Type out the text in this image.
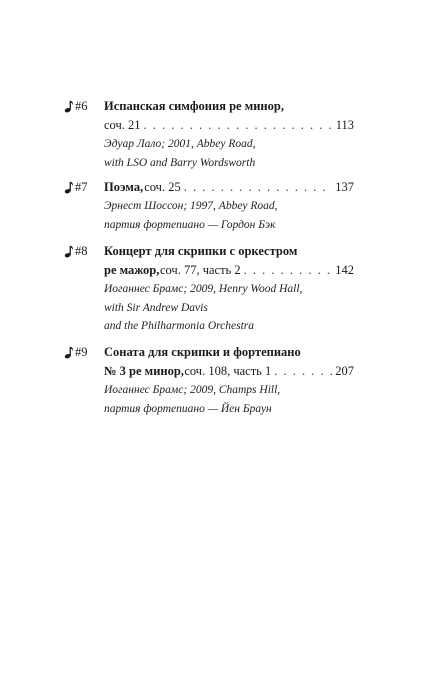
#6 Испанская симфония ре минор,
соч. 21 . . .	113
Эдуар Лало; 2001, Abbey Road,
with LSO and Barry Wordsworth
#7 Поэма, соч. 25 . . .	137
Эрнест Шоссон; 1997, Abbey Road,
партия фортепиано — Гордон Бэк
#8 Концерт для скрипки с оркестром
ре мажор, соч. 77, часть 2 . . .	142
Иоганнес Брамс; 2009, Henry Wood Hall,
with Sir Andrew Davis
and the Philharmonia Orchestra
#9 Соната для скрипки и фортепиано
№ 3 ре минор, соч. 108, часть 1 . . .	207
Иоганнес Брамс; 2009, Champs Hill,
партия фортепиано — Йен Браун
